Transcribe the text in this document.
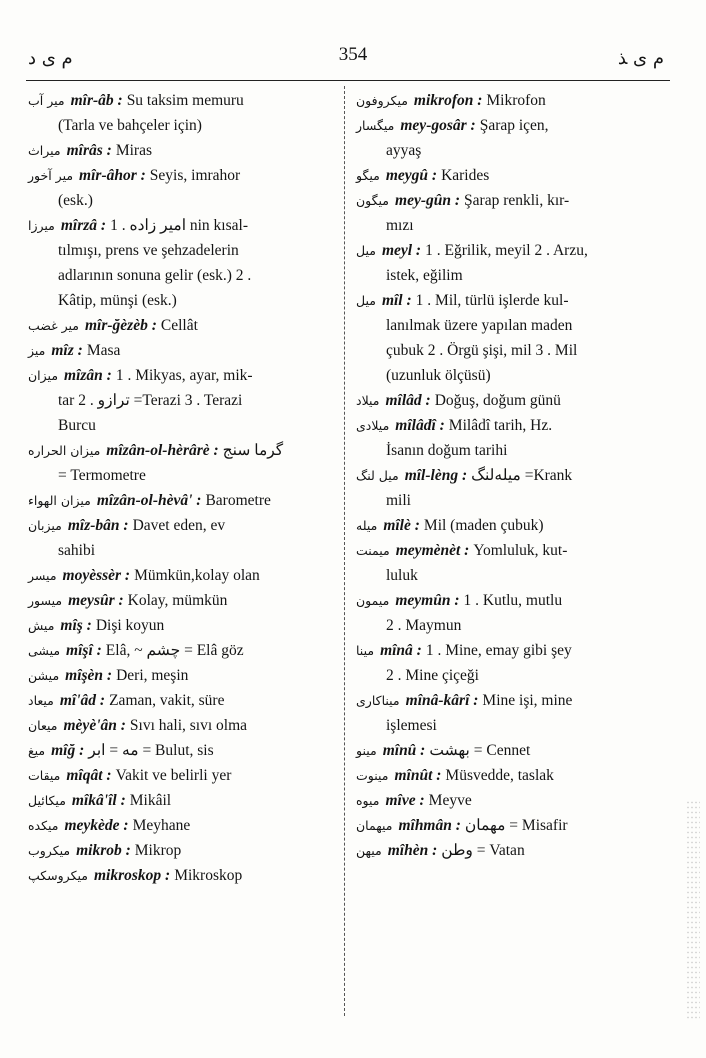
م ی د	354	م ی ﺬ
میر آب mîr-âb : Su taksim memuru
(Tarla ve bahçeler için)
میراث mîrâs : Miras
میر آخور mîr-âhor : Seyis, imrahor
(esk.)
میرزا mîrzâ : 1 . امیر زاده nin kısal-
tılmışı, prens ve şehzadelerin
adlarının sonuna gelir (esk.) 2 .
Kâtip, münşi (esk.)
میر غضب mîr-ğèzèb : Cellât
میز mîz : Masa
میزان mîzân : 1 . Mikyas, ayar, mik-
tar 2 . ترازو =Terazi 3 . Terazi
Burcu
میزان الحراره mîzân-ol-hèrârè : گرما سنج
= Termometre
میزان الهواء mîzân-ol-hèvâ' : Barometre
میزبان mîz-bân : Davet eden, ev
sahibi
میسر moyèssèr : Mümkün,kolay olan
میسور meysûr : Kolay, mümkün
میش mîş : Dişi koyun
میشی mîşî : Elâ, ~ چشم = Elâ göz
میشن mîşèn : Deri, meşin
میعاد mî'âd : Zaman, vakit, süre
میعان mèyè'ân : Sıvı hali, sıvı olma
میغ mîğ : مه = ابر = Bulut, sis
میقات mîqât : Vakit ve belirli yer
میکائیل mîkâ'îl : Mikâil
میکده meykède : Meyhane
میکروب mikrob : Mikrop
میکروسکپ mikroskop : Mikroskop
میکروفون mikrofon : Mikrofon
میگسار mey-gosâr : Şarap içen,
ayyaş
میگو meygû : Karides
میگون mey-gûn : Şarap renkli, kır-
mızı
میل meyl : 1 . Eğrilik, meyil 2 . Arzu,
istek, eğilim
میل mîl : 1 . Mil, türlü işlerde kul-
lanılmak üzere yapılan maden
çubuk 2 . Örgü şişi, mil 3 . Mil
(uzunluk ölçüsü)
میلاد mîlâd : Doğuş, doğum günü
میلادی mîlâdî : Milâdî tarih, Hz.
İsanın doğum tarihi
میل لنگ mîl-lèng : میلەلنگ =Krank
mili
میله mîlè : Mil (maden çubuk)
میمنت meymènèt : Yomluluk, kut-
luluk
میمون meymûn : 1 . Kutlu, mutlu
2 . Maymun
مینا mînâ : 1 . Mine, emay gibi şey
2 . Mine çiçeği
میناکاری mînâ-kârî : Mine işi, mine
işlemesi
مینو mînû : بهشت = Cennet
مینوت mînût : Müsvedde, taslak
میوه mîve : Meyve
میهمان mîhmân : مهمان = Misafir
میهن mîhèn : وطن = Vatan
